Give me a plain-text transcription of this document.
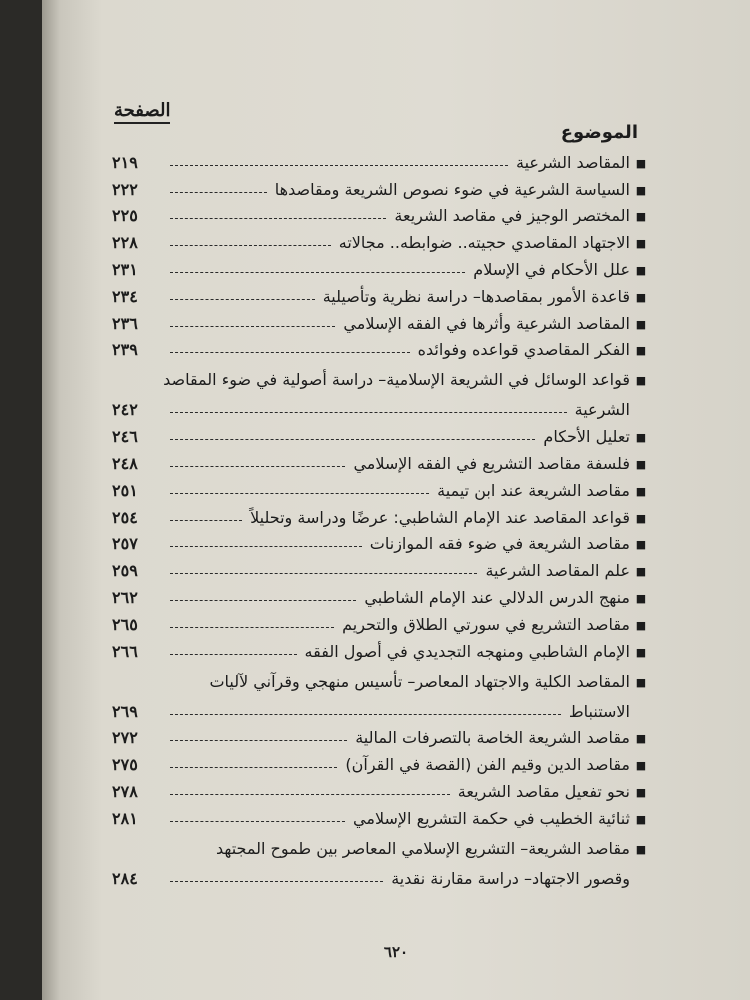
الصفحة
الموضوع
■
المقاصد الشرعية
٢١٩
■
السياسة الشرعية في ضوء نصوص الشريعة ومقاصدها
٢٢٢
■
المختصر الوجيز في مقاصد الشريعة
٢٢٥
■
الاجتهاد المقاصدي حجيته.. ضوابطه.. مجالاته
٢٢٨
■
علل الأحكام في الإسلام
٢٣١
■
قاعدة الأمور بمقاصدها– دراسة نظرية وتأصيلية
٢٣٤
■
المقاصد الشرعية وأثرها في الفقه الإسلامي
٢٣٦
■
الفكر المقاصدي قواعده وفوائده
٢٣٩
■
قواعد الوسائل في الشريعة الإسلامية– دراسة أصولية في ضوء المقاصد
الشرعية
٢٤٢
■
تعليل الأحكام
٢٤٦
■
فلسفة مقاصد التشريع في الفقه الإسلامي
٢٤٨
■
مقاصد الشريعة عند ابن تيمية
٢٥١
■
قواعد المقاصد عند الإمام الشاطبي: عرضًا ودراسة وتحليلاً
٢٥٤
■
مقاصد الشريعة في ضوء فقه الموازنات
٢٥٧
■
علم المقاصد الشرعية
٢٥٩
■
منهج الدرس الدلالي عند الإمام الشاطبي
٢٦٢
■
مقاصد التشريع في سورتي الطلاق والتحريم
٢٦٥
■
الإمام الشاطبي ومنهجه التجديدي في أصول الفقه
٢٦٦
■
المقاصد الكلية والاجتهاد المعاصر– تأسيس منهجي وقرآني لآليات
الاستنباط
٢٦٩
■
مقاصد الشريعة الخاصة بالتصرفات المالية
٢٧٢
■
مقاصد الدين وقيم الفن (القصة في القرآن)
٢٧٥
■
نحو تفعيل مقاصد الشريعة
٢٧٨
■
ثنائية الخطيب في حكمة التشريع الإسلامي
٢٨١
■
مقاصد الشريعة– التشريع الإسلامي المعاصر بين طموح المجتهد
وقصور الاجتهاد– دراسة مقارنة نقدية
٢٨٤
٦٢٠
